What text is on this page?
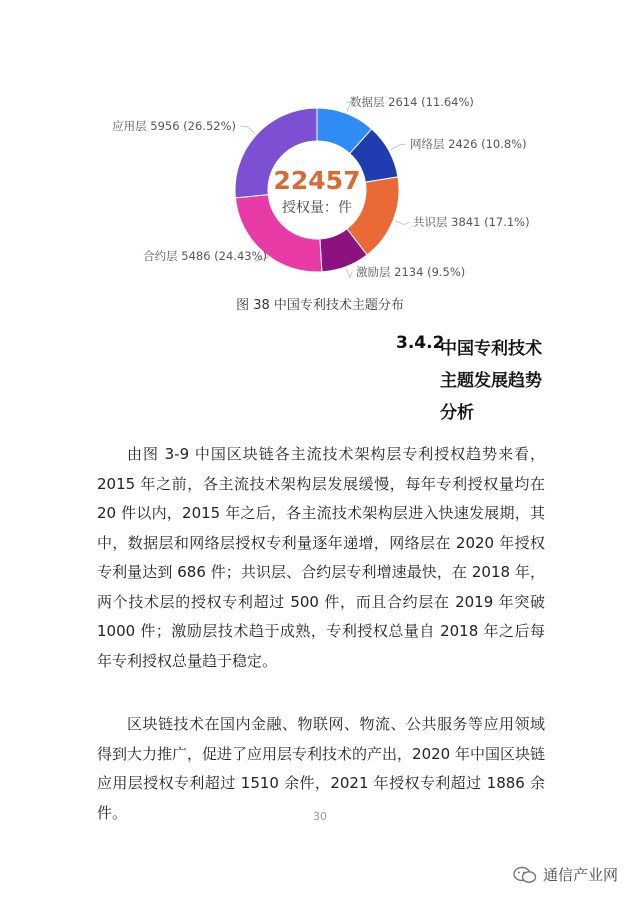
数据层 2614 (11.64%)
网络层 2426 (10.8%)
共识层 3841 (17.1%)
激励层 2134 (9.5%)
合约层 5486 (24.43%)
应用层 5956 (26.52%)
22457
授权量：件
图 38 中国专利技术主题分布
3.4.2
中国专利技术主题发展趋势分析

由图 3-9 中国区块链各主流技术架构层专利授权趋势来看，2015 年之前，各主流技术架构层发展缓慢，每年专利授权量均在 20 件以内，2015 年之后，各主流技术架构层进入快速发展期，其中，数据层和网络层授权专利量逐年递增，网络层在 2020 年授权专利量达到 686 件；共识层、合约层专利增速最快，在 2018 年，两个技术层的授权专利超过 500 件，而且合约层在 2019 年突破 1000 件；激励层技术趋于成熟，专利授权总量自 2018 年之后每年专利授权总量趋于稳定。

区块链技术在国内金融、物联网、物流、公共服务等应用领域得到大力推广，促进了应用层专利技术的产出，2020 年中国区块链应用层授权专利超过 1510 余件，2021 年授权专利超过 1886 余件。	30
通信产业网
